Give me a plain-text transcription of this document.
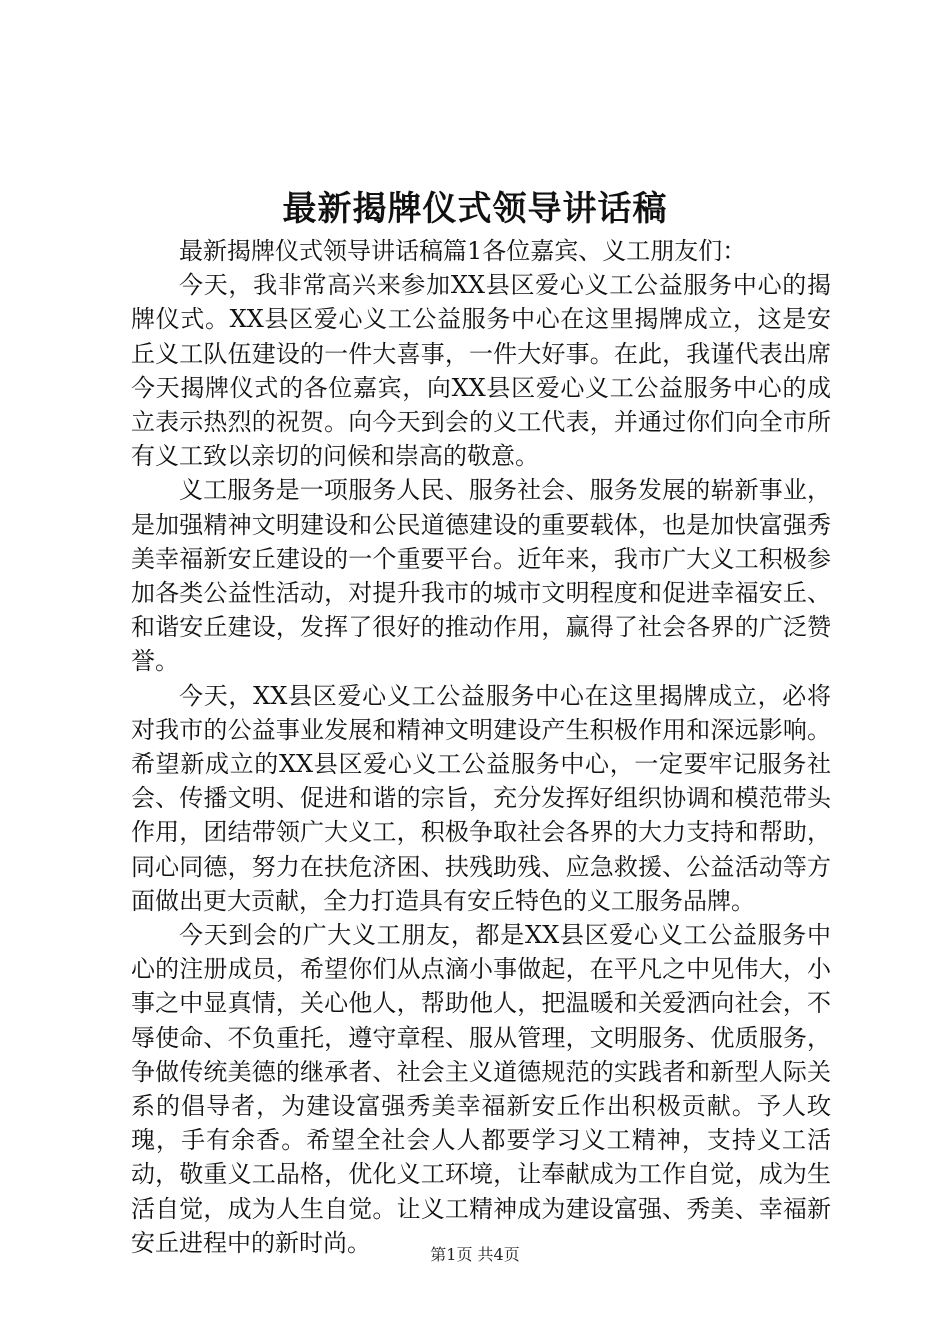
最新揭牌仪式领导讲话稿

最新揭牌仪式领导讲话稿篇1各位嘉宾、义工朋友们：

今天，我非常高兴来参加XX县区爱心义工公益服务中心的揭牌仪式。XX县区爱心义工公益服务中心在这里揭牌成立，这是安丘义工队伍建设的一件大喜事，一件大好事。在此，我谨代表出席今天揭牌仪式的各位嘉宾，向XX县区爱心义工公益服务中心的成立表示热烈的祝贺。向今天到会的义工代表，并通过你们向全市所有义工致以亲切的问候和崇高的敬意。

义工服务是一项服务人民、服务社会、服务发展的崭新事业，是加强精神文明建设和公民道德建设的重要载体，也是加快富强秀美幸福新安丘建设的一个重要平台。近年来，我市广大义工积极参加各类公益性活动，对提升我市的城市文明程度和促进幸福安丘、和谐安丘建设，发挥了很好的推动作用，赢得了社会各界的广泛赞誉。

今天，XX县区爱心义工公益服务中心在这里揭牌成立，必将对我市的公益事业发展和精神文明建设产生积极作用和深远影响。希望新成立的XX县区爱心义工公益服务中心，一定要牢记服务社会、传播文明、促进和谐的宗旨，充分发挥好组织协调和模范带头作用，团结带领广大义工，积极争取社会各界的大力支持和帮助，同心同德，努力在扶危济困、扶残助残、应急救援、公益活动等方面做出更大贡献，全力打造具有安丘特色的义工服务品牌。

今天到会的广大义工朋友，都是XX县区爱心义工公益服务中心的注册成员，希望你们从点滴小事做起，在平凡之中见伟大，小事之中显真情，关心他人，帮助他人，把温暖和关爱洒向社会，不辱使命、不负重托，遵守章程、服从管理，文明服务、优质服务，争做传统美德的继承者、社会主义道德规范的实践者和新型人际关系的倡导者，为建设富强秀美幸福新安丘作出积极贡献。予人玫瑰，手有余香。希望全社会人人都要学习义工精神，支持义工活动，敬重义工品格，优化义工环境，让奉献成为工作自觉，成为生活自觉，成为人生自觉。让义工精神成为建设富强、秀美、幸福新安丘进程中的新时尚。	第1页 共4页
